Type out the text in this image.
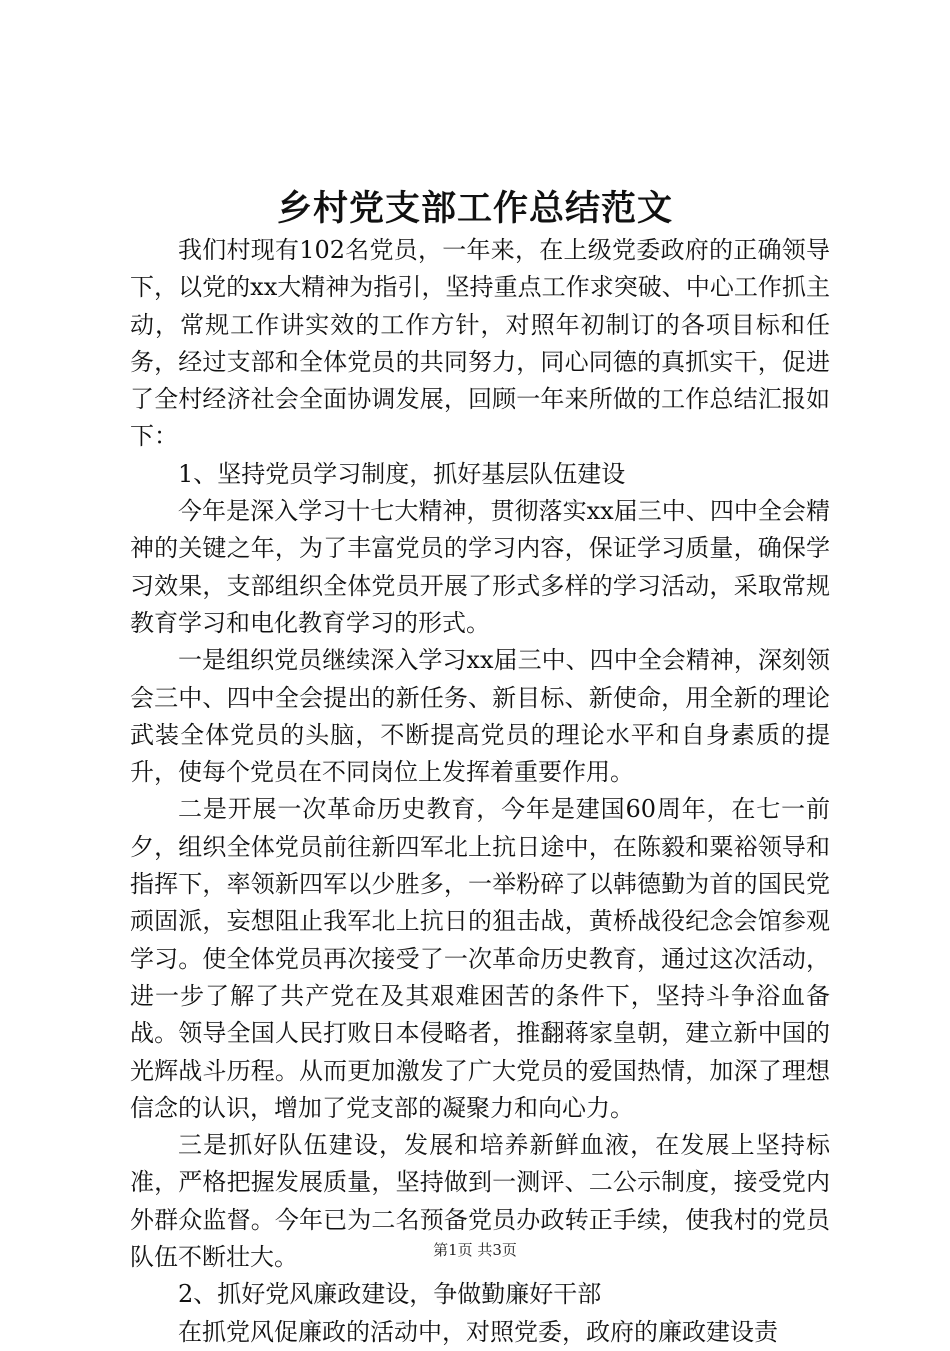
乡村党支部工作总结范文

我们村现有102名党员，一年来，在上级党委政府的正确领导下，以党的xx大精神为指引，坚持重点工作求突破、中心工作抓主动，常规工作讲实效的工作方针，对照年初制订的各项目标和任务，经过支部和全体党员的共同努力，同心同德的真抓实干，促进了全村经济社会全面协调发展，回顾一年来所做的工作总结汇报如下：

1、坚持党员学习制度，抓好基层队伍建设

今年是深入学习十七大精神，贯彻落实xx届三中、四中全会精神的关键之年，为了丰富党员的学习内容，保证学习质量，确保学习效果，支部组织全体党员开展了形式多样的学习活动，采取常规教育学习和电化教育学习的形式。

一是组织党员继续深入学习xx届三中、四中全会精神，深刻领会三中、四中全会提出的新任务、新目标、新使命，用全新的理论武装全体党员的头脑，不断提高党员的理论水平和自身素质的提升，使每个党员在不同岗位上发挥着重要作用。

二是开展一次革命历史教育，今年是建国60周年，在七一前夕，组织全体党员前往新四军北上抗日途中，在陈毅和粟裕领导和指挥下，率领新四军以少胜多，一举粉碎了以韩德勤为首的国民党顽固派，妄想阻止我军北上抗日的狙击战，黄桥战役纪念会馆参观学习。使全体党员再次接受了一次革命历史教育，通过这次活动，进一步了解了共产党在及其艰难困苦的条件下，坚持斗争浴血备战。领导全国人民打败日本侵略者，推翻蒋家皇朝，建立新中国的光辉战斗历程。从而更加激发了广大党员的爱国热情，加深了理想信念的认识，增加了党支部的凝聚力和向心力。

三是抓好队伍建设，发展和培养新鲜血液，在发展上坚持标准，严格把握发展质量，坚持做到一测评、二公示制度，接受党内外群众监督。今年已为二名预备党员办政转正手续，使我村的党员队伍不断壮大。

2、抓好党风廉政建设，争做勤廉好干部

在抓党风促廉政的活动中，对照党委，政府的廉政建设责

第1页 共3页
